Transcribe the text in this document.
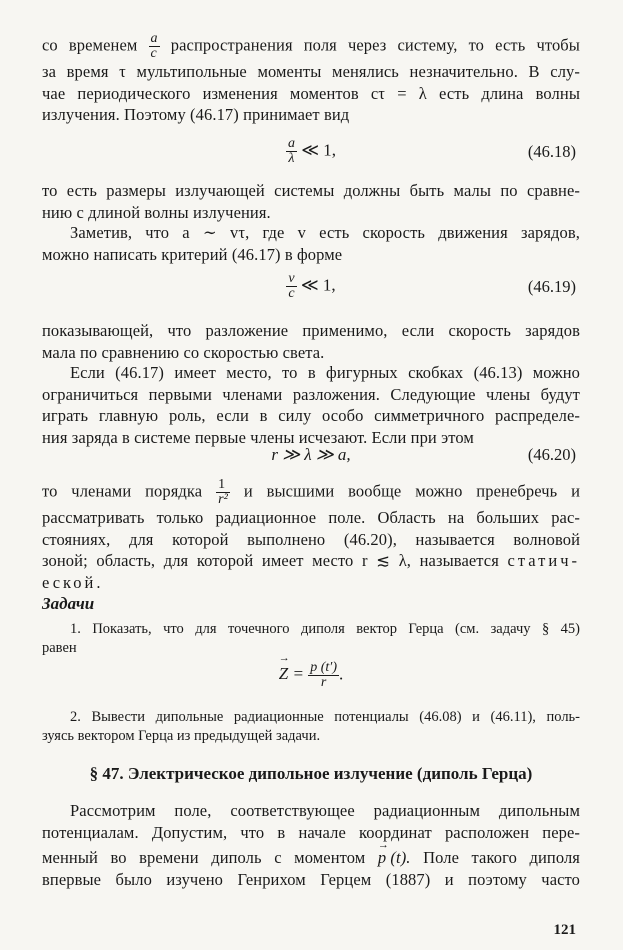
со временем $\frac{a}{c}$ распространения поля через систему, то есть чтобы
за время τ мультипольные моменты менялись незначительно. В слу-
чае периодического изменения моментов cτ = λ есть длина волны
излучения. Поэтому (46.17) принимает вид
$\frac{a}{\lambda}$ ≪ 1,	(46.18)
то есть размеры излучающей системы должны быть малы по сравне-
нию с длиной волны излучения.
Заметив, что a ∼ vτ, где v есть скорость движения зарядов,
можно написать критерий (46.17) в форме
$\frac{v}{c}$ ≪ 1,	(46.19)
показывающей, что разложение применимо, если скорость зарядов
мала по сравнению со скоростью света.
Если (46.17) имеет место, то в фигурных скобках (46.13) можно
ограничиться первыми членами разложения. Следующие члены будут
играть главную роль, если в силу особо симметричного распределе-
ния заряда в системе первые члены исчезают. Если при этом
r ≫ λ ≫ a,	(46.20)
то членами порядка $\frac{1}{\text{r²}}$ и высшими вообще можно пренебречь и
рассматривать только радиационное поле. Область на больших рас-
стояниях, для которой выполнено (46.20), называется волновой
зоной; область, для которой имеет место r ≲ λ, называется статич-
еской.
Задачи
1. Показать, что для точечного диполя вектор Герца (см. задачу § 45)
равен
→ $Z = \frac{p (t')}{r}$ .
2. Вывести дипольные радиационные потенциалы (46.08) и (46.11), поль-
зуясь вектором Герца из предыдущей задачи.
§ 47. Электрическое дипольное излучение (диполь Герца)
Рассмотрим поле, соответствующее радиационным дипольным
потенциалам. Допустим, что в начале координат расположен пере-
менный во времени диполь с моментом → p (t). Поле такого диполя
впервые было изучено Генрихом Герцем (1887) и поэтому часто
121
